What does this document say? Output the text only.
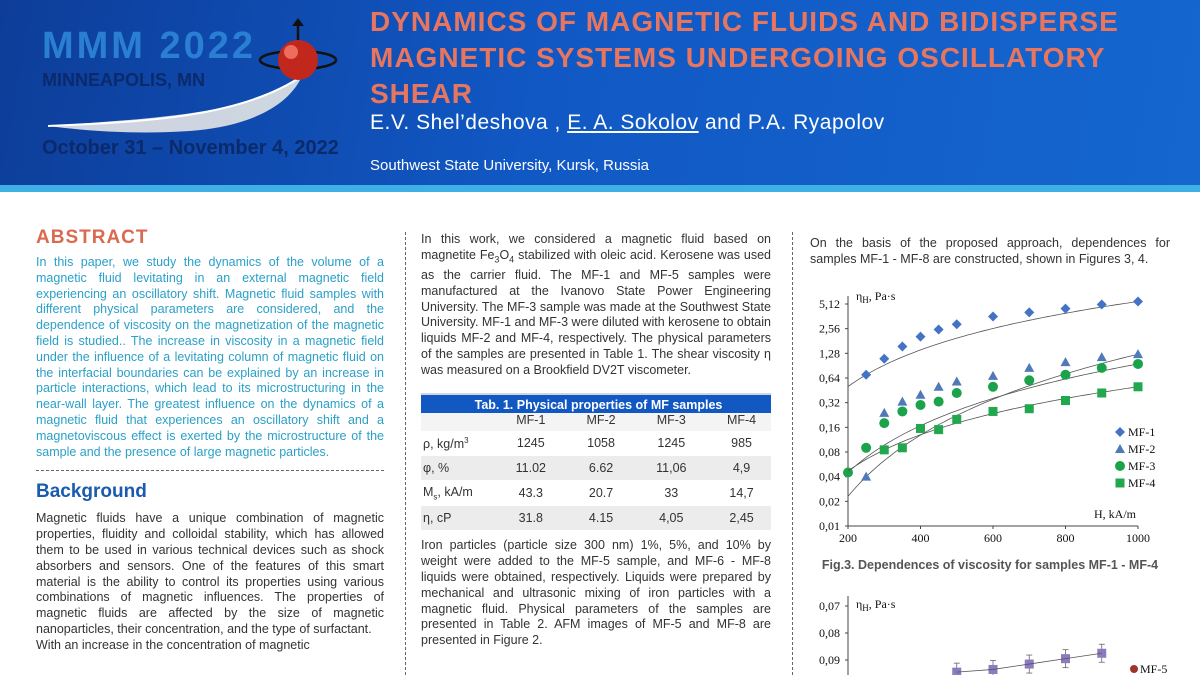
MMM 2022
MINNEAPOLIS, MN
October 31 – November 4, 2022
DYNAMICS OF MAGNETIC FLUIDS AND BIDISPERSE MAGNETIC SYSTEMS UNDERGOING OSCILLATORY SHEAR
E.V. Shel’deshova , E. A. Sokolov and P.A. Ryapolov
Southwest State University, Kursk, Russia
ABSTRACT

In this paper, we study the dynamics of the volume of a magnetic fluid levitating in an external magnetic field experiencing an oscillatory shift. Magnetic fluid samples with different physical parameters are considered, and the dependence of viscosity on the magnetization of the magnetic field is studied.. The increase in viscosity in a magnetic field under the influence of a levitating column of magnetic fluid on the interfacial boundaries can be explained by an increase in particle interactions, which lead to its microstructuring in the near-wall layer. The greatest influence on the dynamics of a magnetic fluid that experiences an oscillatory shift and a magnetoviscous effect is exerted by the microstructure of the sample and the presence of large magnetic particles.

Background

Magnetic fluids have a unique combination of magnetic properties, fluidity and colloidal stability, which has allowed them to be used in various technical devices such as shock absorbers and sensors. One of the features of this smart material is the ability to control its properties using various combinations of magnetic influences. The properties of magnetic fluids are affected by the size of magnetic nanoparticles, their concentration, and the type of surfactant.

With an increase in the concentration of magnetic

In this work, we considered a magnetic fluid based on magnetite $Fe_3O_4$ stabilized with oleic acid. Kerosene was used as the carrier fluid. The MF-1 and MF-5 samples were manufactured at the Ivanovo State Power Engineering University. The MF-3 sample was made at the Southwest State University. MF-1 and MF-3 were diluted with kerosene to obtain liquids MF-2 and MF-4, respectively. The physical parameters of the samples are presented in Table 1. The shear viscosity η was measured on a Brookfield DV2T viscometer.

Tab. 1. Physical properties of MF samples
	MF-1	MF-2	MF-3	MF-4
ρ, $kg/m^3$	1245	1058	1245	985
φ, %	11.02	6.62	11,06	4,9
$M_s$, kA/m	43.3	20.7	33	14,7
η, cP	31.8	4.15	4,05	2,45

Iron particles (particle size 300 nm) 1%, 5%, and 10% by weight were added to the MF-5 sample, and MF-6 - MF-8 liquids were obtained, respectively. Liquids were prepared by mechanical and ultrasonic mixing of iron particles with a magnetic fluid. Physical parameters of the samples are presented in Table 2. AFM images of MF-5 and MF-8 are presented in Figure 2.

On the basis of the proposed approach, dependences for samples MF-1 - MF-8 are constructed, shown in Figures 3, 4.

0,01
0,02
0,04
0,08
0,16
0,32
0,64
1,28
2,56
5,12
200	400	600	800	1000
$\eta_H$, Pa·s
H, kA/m
MF-1
MF-2
MF-3
MF-4
Fig.3. Dependences of viscosity for samples MF-1 - MF-4
0,07
0,08
0,09
$\eta_H$, Pa·s
MF-5
